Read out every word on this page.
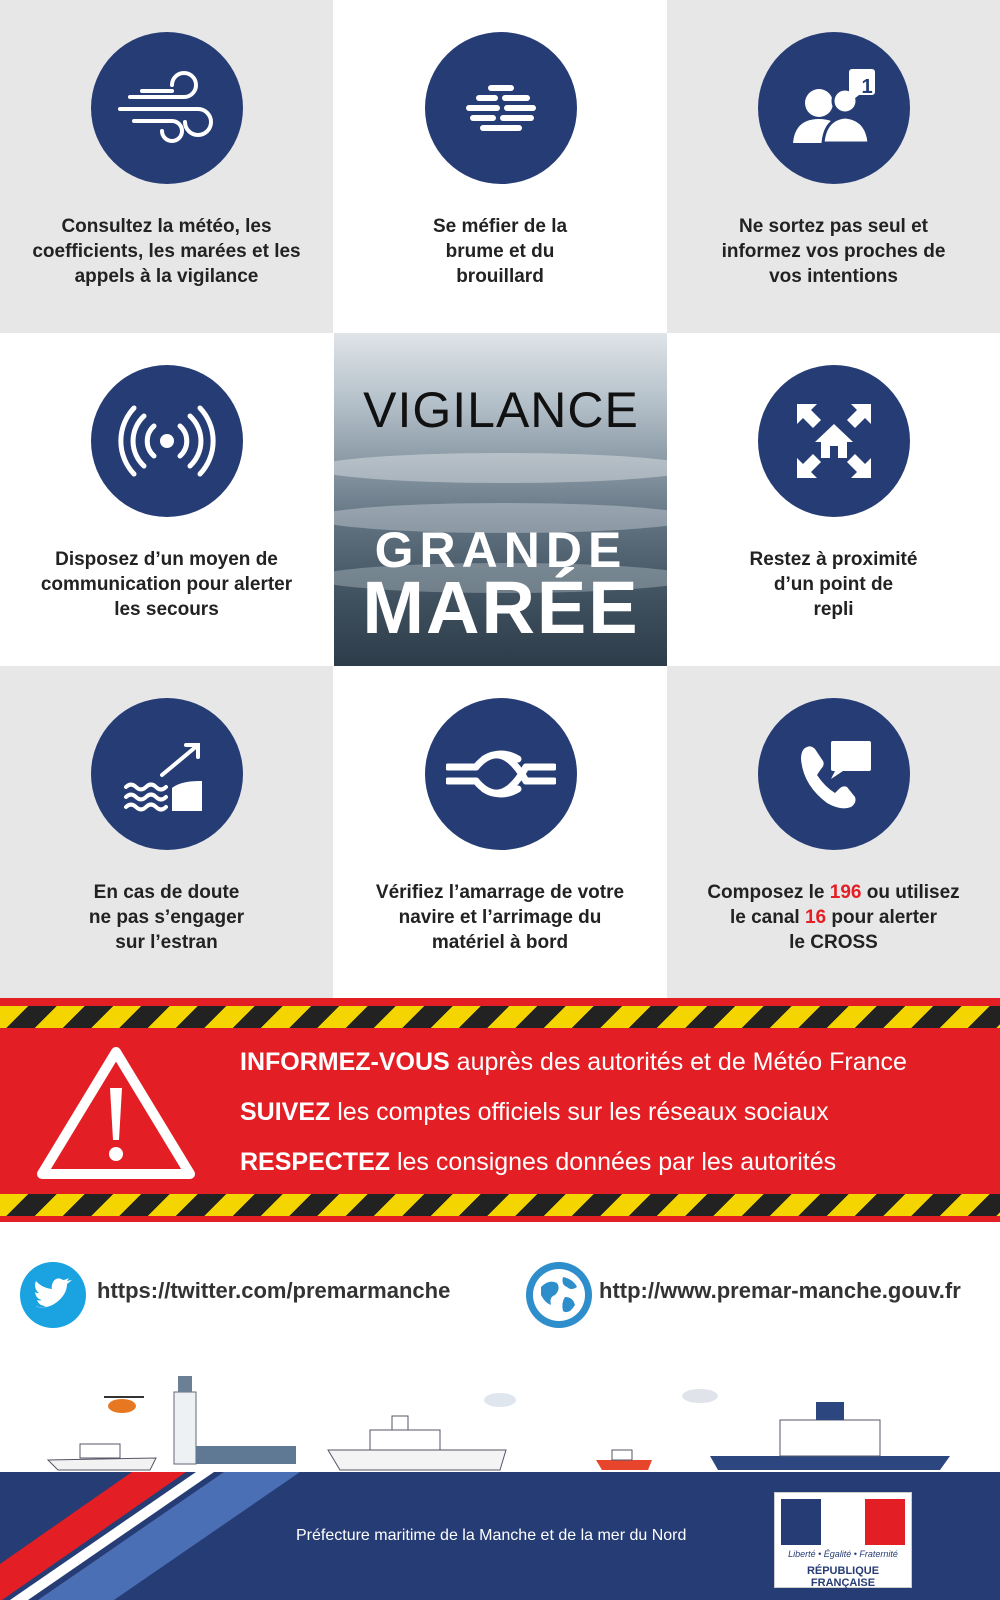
Consultez la météo, les
coefficients, les marées et les
appels à la vigilance
Se méfier de la
brume et du
brouillard
1
Ne sortez pas seul et
informez vos proches de
vos intentions
Disposez d’un moyen de
communication pour alerter
les secours
VIGILANCE
GRANDE
MARÉE
Restez à proximité
d’un point de
repli
En cas de doute
ne pas s’engager
sur l’estran
Vérifiez l’amarrage de votre
navire et l’arrimage du
matériel à bord
Composez le 196 ou utilisez
le canal 16 pour alerter
le CROSS
INFORMEZ-VOUS auprès des autorités et de Météo France
SUIVEZ les comptes officiels sur les réseaux sociaux
RESPECTEZ les consignes données par les autorités
https://twitter.com/premarmanche	http://www.premar-manche.gouv.fr
Préfecture maritime de la Manche et de la mer du Nord
Liberté • Égalité • Fraternité
RÉPUBLIQUE FRANÇAISE
